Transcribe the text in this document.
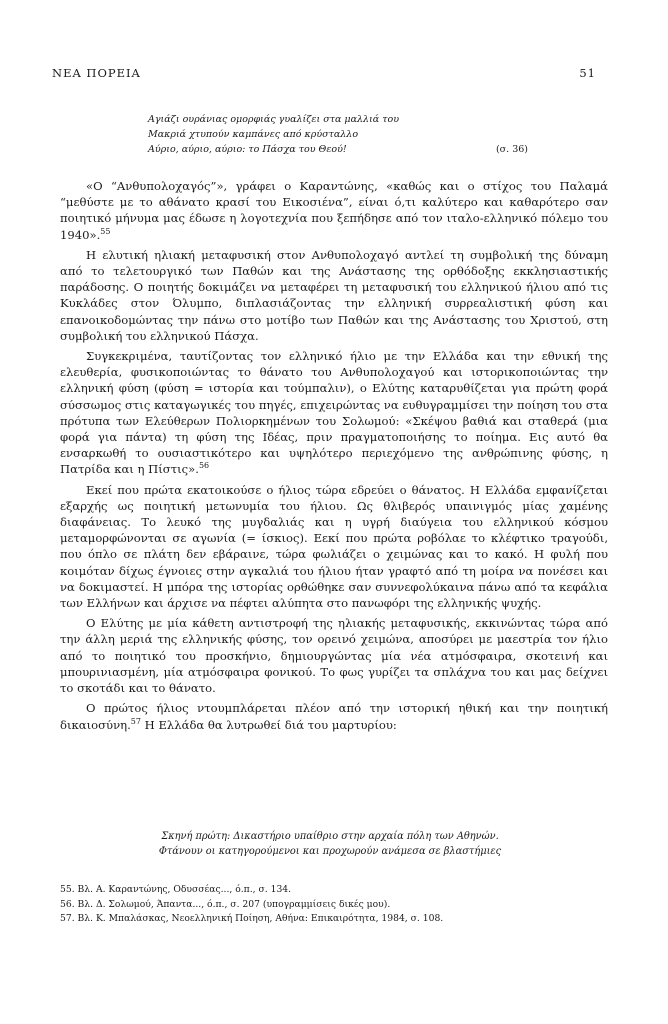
ΝΕΑ ΠΟΡΕΙΑ	51
Αγιάζι ουράνιας ομορφιάς γυαλίζει στα μαλλιά του
Μακριά χτυπούν καμπάνες από κρύσταλλο
Αύριο, αύριο, αύριο: το Πάσχα του Θεού!	(σ. 36)

«Ο “Ανθυπολοχαγός”», γράφει ο Καραντώνης, «καθώς και ο στίχος του Παλαμά “μεθύστε με το αθάνατο κρασί του Εικοσιένα”, είναι ό,τι καλύτερο και καθαρότερο σαν ποιητικό μήνυμα μας έδωσε η λογοτεχνία που ξεπήδησε από τον ιταλο-ελληνικό πόλεμο του 1940».$^{55}$

Η ελυτική ηλιακή μεταφυσική στον Ανθυπολοχαγό αντλεί τη συμβολική της δύναμη από το τελετουργικό των Παθών και της Ανάστασης της ορθόδοξης εκκλησιαστικής παράδοσης. Ο ποιητής δοκιμάζει να μεταφέρει τη μεταφυσική του ελληνικού ήλιου από τις Κυκλάδες στον Όλυμπο, διπλασιάζοντας την ελληνική συρρεαλιστική φύση και επανοικοδομώντας την πάνω στο μοτίβο των Παθών και της Ανάστασης του Χριστού, στη συμβολική του ελληνικού Πάσχα.

Συγκεκριμένα, ταυτίζοντας τον ελληνικό ήλιο με την Ελλάδα και την εθνική της ελευθερία, φυσικοποιώντας το θάνατο του Ανθυπολοχαγού και ιστορικοποιώντας την ελληνική φύση (φύση = ιστορία και τούμπαλιν), ο Ελύτης καταρυθίζεται για πρώτη φορά σύσσωμος στις καταγωγικές του πηγές, επιχειρώντας να ευθυγραμμίσει την ποίηση του στα πρότυπα των Ελεύθερων Πολιορκημένων του Σολωμού: «Σκέψου βαθιά και σταθερά (μια φορά για πάντα) τη φύση της Ιδέας, πριν πραγματοποιήσης το ποίημα. Εις αυτό θα ενσαρκωθή το ουσιαστικότερο και υψηλότερο περιεχόμενο της ανθρώπινης φύσης, η Πατρίδα και η Πίστις».$^{56}$

Εκεί που πρώτα εκατοικούσε ο ήλιος τώρα εδρεύει ο θάνατος. Η Ελλάδα εμφανίζεται εξαρχής ως ποιητική μετωνυμία του ήλιου. Ως θλιβερός υπαινιγμός μίας χαμένης διαφάνειας. Το λευκό της μυγδαλιάς και η υγρή διαύγεια του ελληνικού κόσμου μεταμορφώνονται σε αγωνία (= ίσκιος). Εεκί που πρώτα ροβόλαε το κλέφτικο τραγούδι, που όπλο σε πλάτη δεν εβάραινε, τώρα φωλιάζει ο χειμώνας και το κακό. Η φυλή που κοιμόταν δίχως έγνοιες στην αγκαλιά του ήλιου ήταν γραφτό από τη μοίρα να πονέσει και να δοκιμαστεί. Η μπόρα της ιστορίας ορθώθηκε σαν συννεφολύκαινα πάνω από τα κεφάλια των Ελλήνων και άρχισε να πέφτει αλύπητα στο πανωφόρι της ελληνικής ψυχής.

Ο Ελύτης με μία κάθετη αντιστροφή της ηλιακής μεταφυσικής, εκκινώντας τώρα από την άλλη μεριά της ελληνικής φύσης, τον ορεινό χειμώνα, αποσύρει με μαεστρία τον ήλιο από το ποιητικό του προσκήνιο, δημιουργώντας μία νέα ατμόσφαιρα, σκοτεινή και μπουρινιασμένη, μία ατμόσφαιρα φονικού. Το φως γυρίζει τα σπλάχνα του και μας δείχνει το σκοτάδι και το θάνατο.

Ο πρώτος ήλιος ντουμπλάρεται πλέον από την ιστορική ηθική και την ποιητική δικαιοσύνη.$^{57}$ Η Ελλάδα θα λυτρωθεί διά του μαρτυρίου:

Σκηνή πρώτη: Δικαστήριο υπαίθριο στην αρχαία πόλη των Αθηνών.
Φτάνουν οι κατηγορούμενοι και προχωρούν ανάμεσα σε βλαστήμιες
55. Βλ. Α. Καραντώνης, Οδυσσέας..., ό.π., σ. 134.
56. Βλ. Δ. Σολωμού, Άπαντα..., ό.π., σ. 207 (υπογραμμίσεις δικές μου).
57. Βλ. Κ. Μπαλάσκας, Νεοελληνική Ποίηση, Αθήνα: Επικαιρότητα, 1984, σ. 108.
